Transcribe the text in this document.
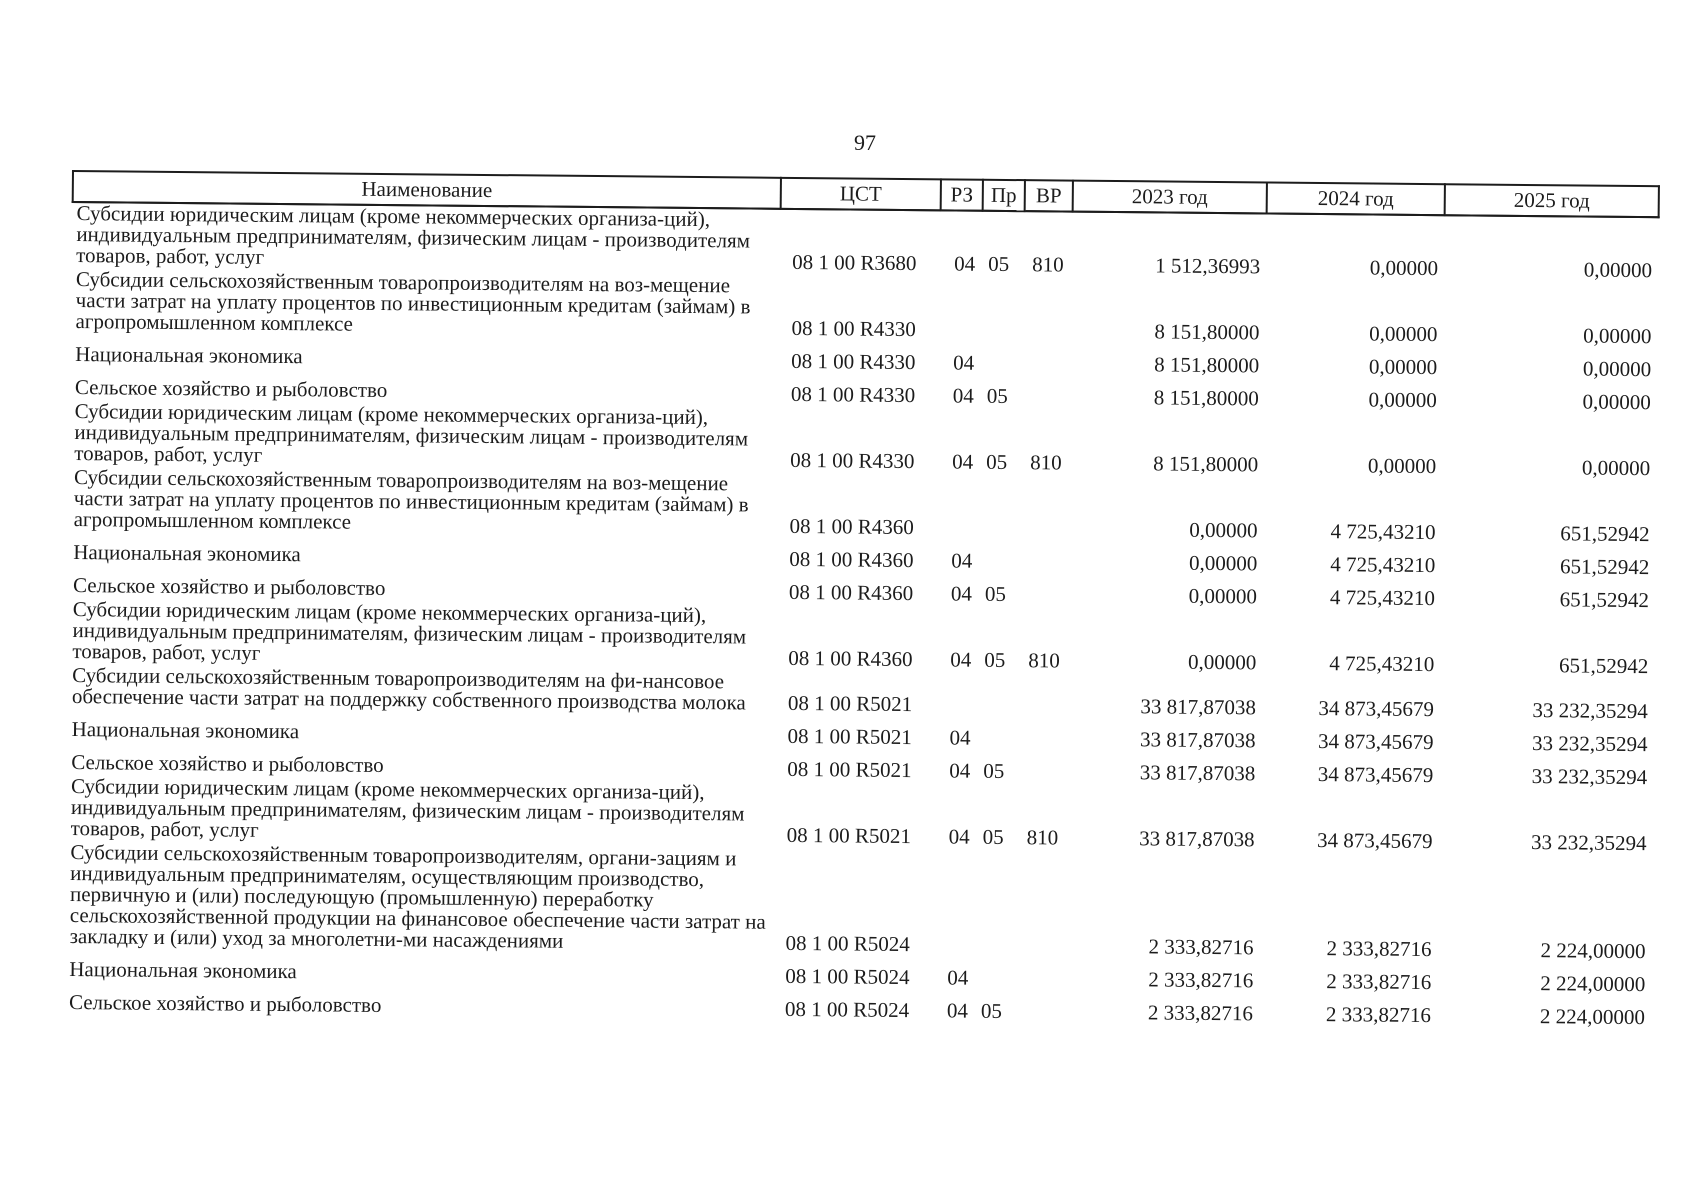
97
Наименование	ЦСТ	РЗ	Пр	ВР	2023 год	2024 год	2025 год
Субсидии юридическим лицам (кроме некоммерческих организа-ций), индивидуальным предпринимателям, физическим лицам - производителям товаров, работ, услуг	08 1 00 R3680	04	05	810	1 512,36993	0,00000	0,00000
Субсидии сельскохозяйственным товаропроизводителям на воз-мещение части затрат на уплату процентов по инвестиционным кредитам (займам) в агропромышленном комплексе	08 1 00 R4330				8 151,80000	0,00000	0,00000
Национальная экономика	08 1 00 R4330	04			8 151,80000	0,00000	0,00000
Сельское хозяйство и рыболовство	08 1 00 R4330	04	05		8 151,80000	0,00000	0,00000
Субсидии юридическим лицам (кроме некоммерческих организа-ций), индивидуальным предпринимателям, физическим лицам - производителям товаров, работ, услуг	08 1 00 R4330	04	05	810	8 151,80000	0,00000	0,00000
Субсидии сельскохозяйственным товаропроизводителям на воз-мещение части затрат на уплату процентов по инвестиционным кредитам (займам) в агропромышленном комплексе	08 1 00 R4360				0,00000	4 725,43210	651,52942
Национальная экономика	08 1 00 R4360	04			0,00000	4 725,43210	651,52942
Сельское хозяйство и рыболовство	08 1 00 R4360	04	05		0,00000	4 725,43210	651,52942
Субсидии юридическим лицам (кроме некоммерческих организа-ций), индивидуальным предпринимателям, физическим лицам - производителям товаров, работ, услуг	08 1 00 R4360	04	05	810	0,00000	4 725,43210	651,52942
Субсидии сельскохозяйственным товаропроизводителям на фи-нансовое обеспечение части затрат на поддержку собственного производства молока	08 1 00 R5021				33 817,87038	34 873,45679	33 232,35294
Национальная экономика	08 1 00 R5021	04			33 817,87038	34 873,45679	33 232,35294
Сельское хозяйство и рыболовство	08 1 00 R5021	04	05		33 817,87038	34 873,45679	33 232,35294
Субсидии юридическим лицам (кроме некоммерческих организа-ций), индивидуальным предпринимателям, физическим лицам - производителям товаров, работ, услуг	08 1 00 R5021	04	05	810	33 817,87038	34 873,45679	33 232,35294
Субсидии сельскохозяйственным товаропроизводителям, органи-зациям и индивидуальным предпринимателям, осуществляющим производство, первичную и (или) последующую (промышленную) переработку сельскохозяйственной продукции на финансовое обеспечение части затрат на закладку и (или) уход за многолетни-ми насаждениями	08 1 00 R5024				2 333,82716	2 333,82716	2 224,00000
Национальная экономика	08 1 00 R5024	04			2 333,82716	2 333,82716	2 224,00000
Сельское хозяйство и рыболовство	08 1 00 R5024	04	05		2 333,82716	2 333,82716	2 224,00000
